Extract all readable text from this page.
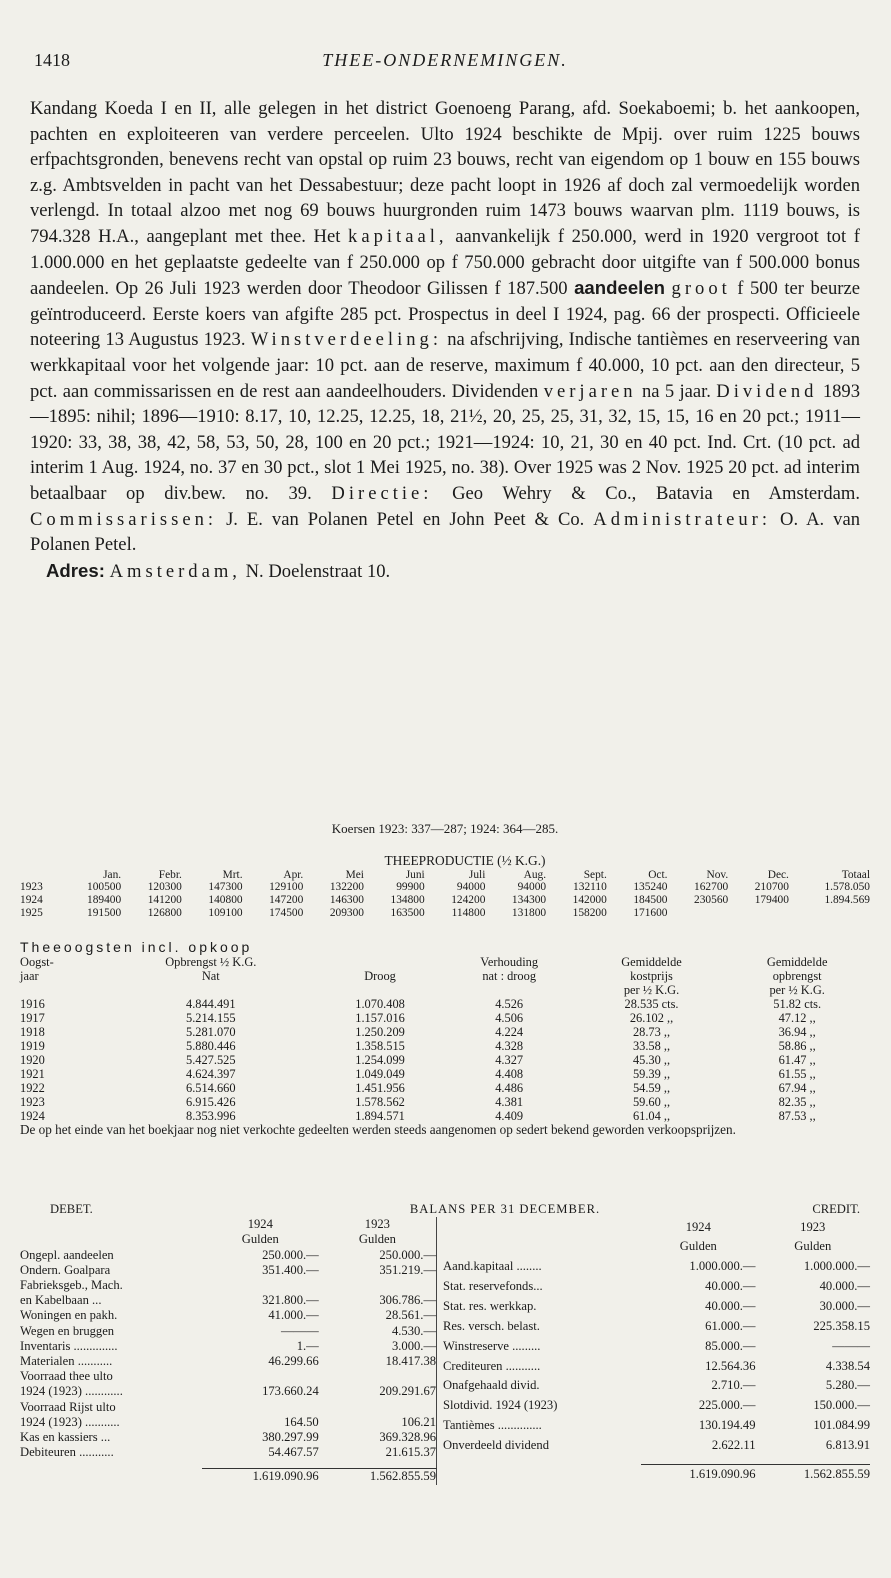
1418	THEE-ONDERNEMINGEN.

Kandang Koeda I en II, alle gelegen in het district Goenoeng Parang, afd. Soekaboemi; b. het aankoopen, pachten en exploiteeren van verdere perceelen. Ulto 1924 beschikte de Mpij. over ruim 1225 bouws erfpachtsgronden, benevens recht van opstal op ruim 23 bouws, recht van eigendom op 1 bouw en 155 bouws z.g. Ambtsvelden in pacht van het Dessabestuur; deze pacht loopt in 1926 af doch zal vermoedelijk worden verlengd. In totaal alzoo met nog 69 bouws huurgronden ruim 1473 bouws waarvan plm. 1119 bouws, is 794.328 H.A., aangeplant met thee. Het kapitaal, aanvankelijk f 250.000, werd in 1920 vergroot tot f 1.000.000 en het geplaatste gedeelte van f 250.000 op f 750.000 gebracht door uitgifte van f 500.000 bonus aandeelen. Op 26 Juli 1923 werden door Theodoor Gilissen f 187.500 aandeelen groot f 500 ter beurze geïntroduceerd. Eerste koers van afgifte 285 pct. Prospectus in deel I 1924, pag. 66 der prospecti. Officieele noteering 13 Augustus 1923. Winstverdeeling: na afschrijving, Indische tantièmes en reserveering van werkkapitaal voor het volgende jaar: 10 pct. aan de reserve, maximum f 40.000, 10 pct. aan den directeur, 5 pct. aan commissarissen en de rest aan aandeelhouders. Dividenden verjaren na 5 jaar. Dividend 1893—1895: nihil; 1896—1910: 8.17, 10, 12.25, 12.25, 18, 21½, 20, 25, 25, 31, 32, 15, 15, 16 en 20 pct.; 1911—1920: 33, 38, 38, 42, 58, 53, 50, 28, 100 en 20 pct.; 1921—1924: 10, 21, 30 en 40 pct. Ind. Crt. (10 pct. ad interim 1 Aug. 1924, no. 37 en 30 pct., slot 1 Mei 1925, no. 38). Over 1925 was 2 Nov. 1925 20 pct. ad interim betaalbaar op div.bew. no. 39. Directie: Geo Wehry & Co., Batavia en Amsterdam. Commissarissen: J. E. van Polanen Petel en John Peet & Co. Administrateur: O. A. van Polanen Petel.

Adres: Amsterdam, N. Doelenstraat 10.

Koersen 1923: 337—287; 1924: 364—285.
THEEPRODUCTIE (½ K.G.)
	Jan.	Febr.	Mrt.	Apr.	Mei	Juni	Juli	Aug.	Sept.	Oct.	Nov.	Dec.	Totaal
1923	100500	120300	147300	129100	132200	99900	94000	94000	132110	135240	162700	210700	1.578.050
1924	189400	141200	140800	147200	146300	134800	124200	134300	142000	184500	230560	179400	1.894.569
1925	191500	126800	109100	174500	209300	163500	114800	131800	158200	171600			
Theeoogsten incl. opkoop
Oogst-	Opbrengst ½ K.G.		Verhouding	Gemiddelde	Gemiddelde
jaar	Nat	Droog	nat : droog	kostprijs	opbrengst
				per ½ K.G.	per ½ K.G.
1916	4.844.491	1.070.408	4.526	28.535 cts.	51.82 cts.
1917	5.214.155	1.157.016	4.506	26.102 ,,	47.12 ,,
1918	5.281.070	1.250.209	4.224	28.73 ,,	36.94 ,,
1919	5.880.446	1.358.515	4.328	33.58 ,,	58.86 ,,
1920	5.427.525	1.254.099	4.327	45.30 ,,	61.47 ,,
1921	4.624.397	1.049.049	4.408	59.39 ,,	61.55 ,,
1922	6.514.660	1.451.956	4.486	54.59 ,,	67.94 ,,
1923	6.915.426	1.578.562	4.381	59.60 ,,	82.35 ,,
1924	8.353.996	1.894.571	4.409	61.04 ,,	87.53 ,,
De op het einde van het boekjaar nog niet verkochte gedeelten werden steeds aangenomen op sedert bekend geworden verkoopsprijzen.
DEBET.	BALANS PER 31 DECEMBER.	CREDIT.
	1924	1923
	Gulden	Gulden
Ongepl. aandeelen	250.000.—	250.000.—
Ondern. Goalpara	351.400.—	351.219.—
Fabrieksgeb., Mach.		
en Kabelbaan ...	321.800.—	306.786.—
Woningen en pakh.	41.000.—	28.561.—
Wegen en bruggen	———	4.530.—
Inventaris ..............	1.—	3.000.—
Materialen ...........	46.299.66	18.417.38
Voorraad thee ulto		
1924 (1923) ............	173.660.24	209.291.67
Voorraad Rijst ulto		
1924 (1923) ...........	164.50	106.21
Kas en kassiers ...	380.297.99	369.328.96
Debiteuren ...........	54.467.57	21.615.37

	1.619.090.96	1.562.855.59
	1924	1923
	Gulden	Gulden
Aand.kapitaal ........	1.000.000.—	1.000.000.—
Stat. reservefonds...	40.000.—	40.000.—
Stat. res. werkkap.	40.000.—	30.000.—
Res. versch. belast.	61.000.—	225.358.15
Winstreserve .........	85.000.—	———
Crediteuren ...........	12.564.36	4.338.54
Onafgehaald divid.	2.710.—	5.280.—
Slotdivid. 1924 (1923)	225.000.—	150.000.—
Tantièmes ..............	130.194.49	101.084.99
Onverdeeld dividend	2.622.11	6.813.91

	1.619.090.96	1.562.855.59
